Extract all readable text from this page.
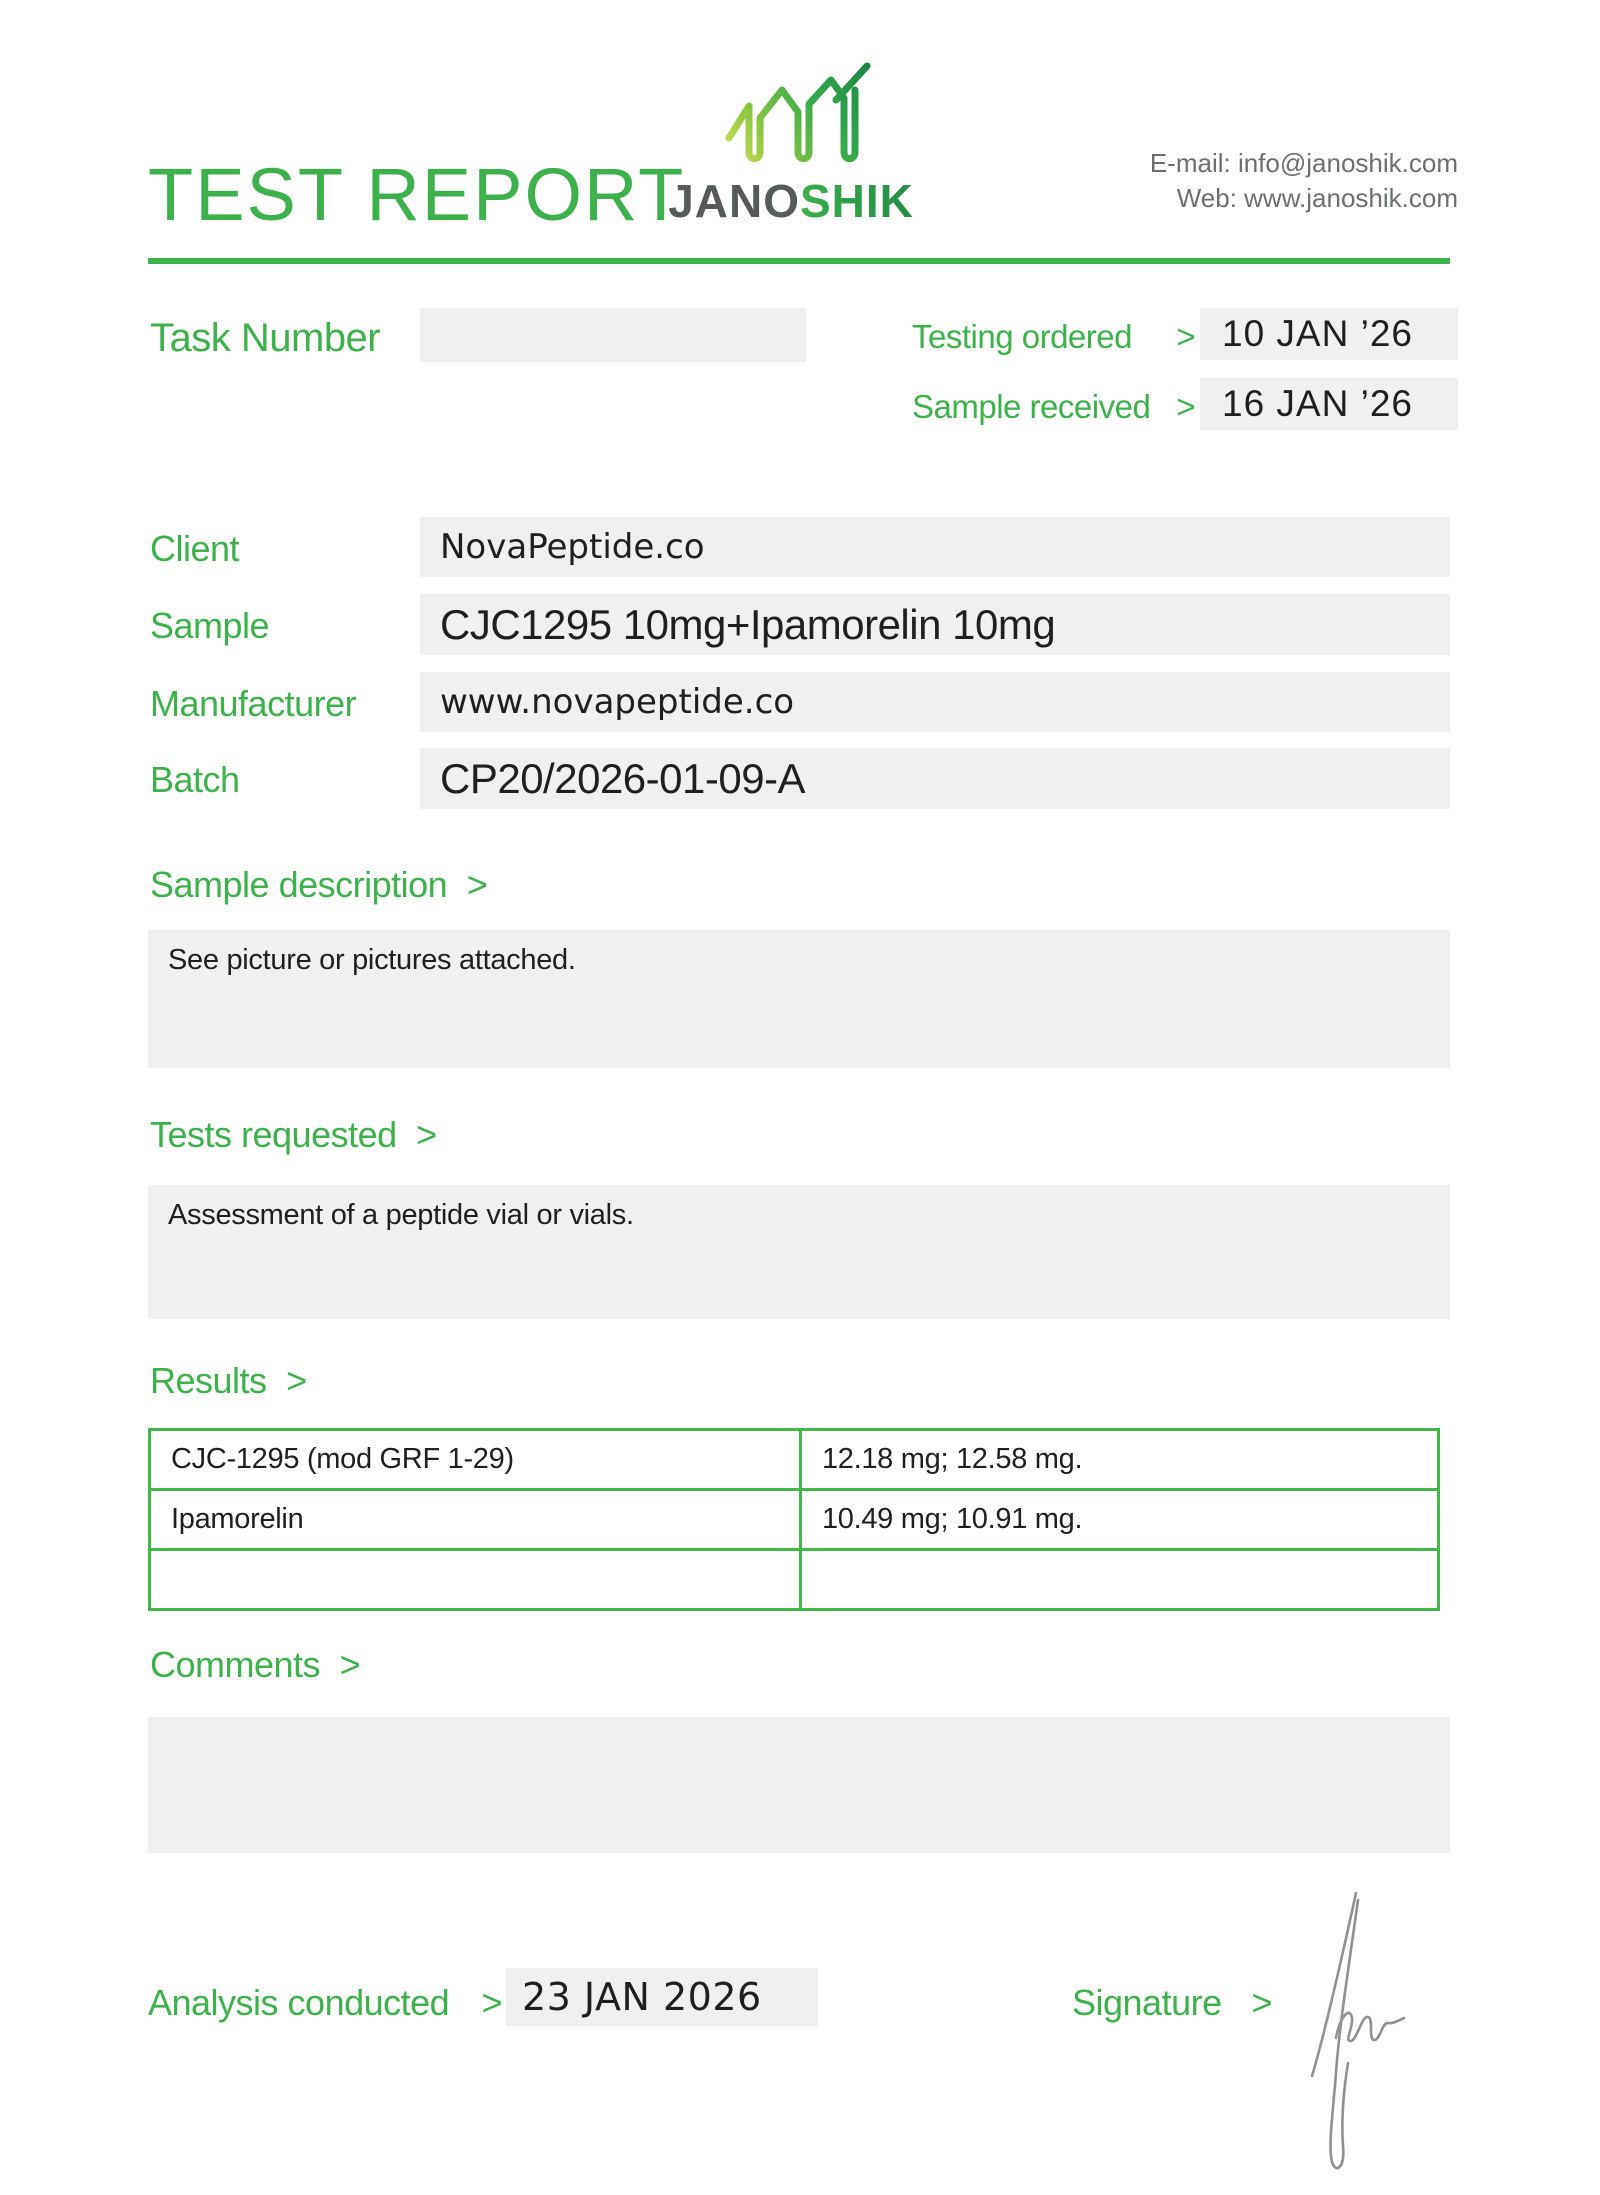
TEST REPORT

JANO SHIK
E-mail: info@janoshik.com
Web: www.janoshik.com
Task Number	Testing ordered > 10 JAN ’26
Sample received > 16 JAN ’26
Client	NovaPeptide.co
Sample	CJC1295 10mg+Ipamorelin 10mg
Manufacturer www.novapeptide.co
Batch	CP20/2026-01-09-A
Sample description >
See picture or pictures attached.
Tests requested >
Assessment of a peptide vial or vials.
Results >
CJC-1295 (mod GRF 1-29)	12.18 mg; 12.58 mg.
Ipamorelin	10.49 mg; 10.91 mg.

Comments >
Analysis conducted > 23 JAN 2026	Signature >
